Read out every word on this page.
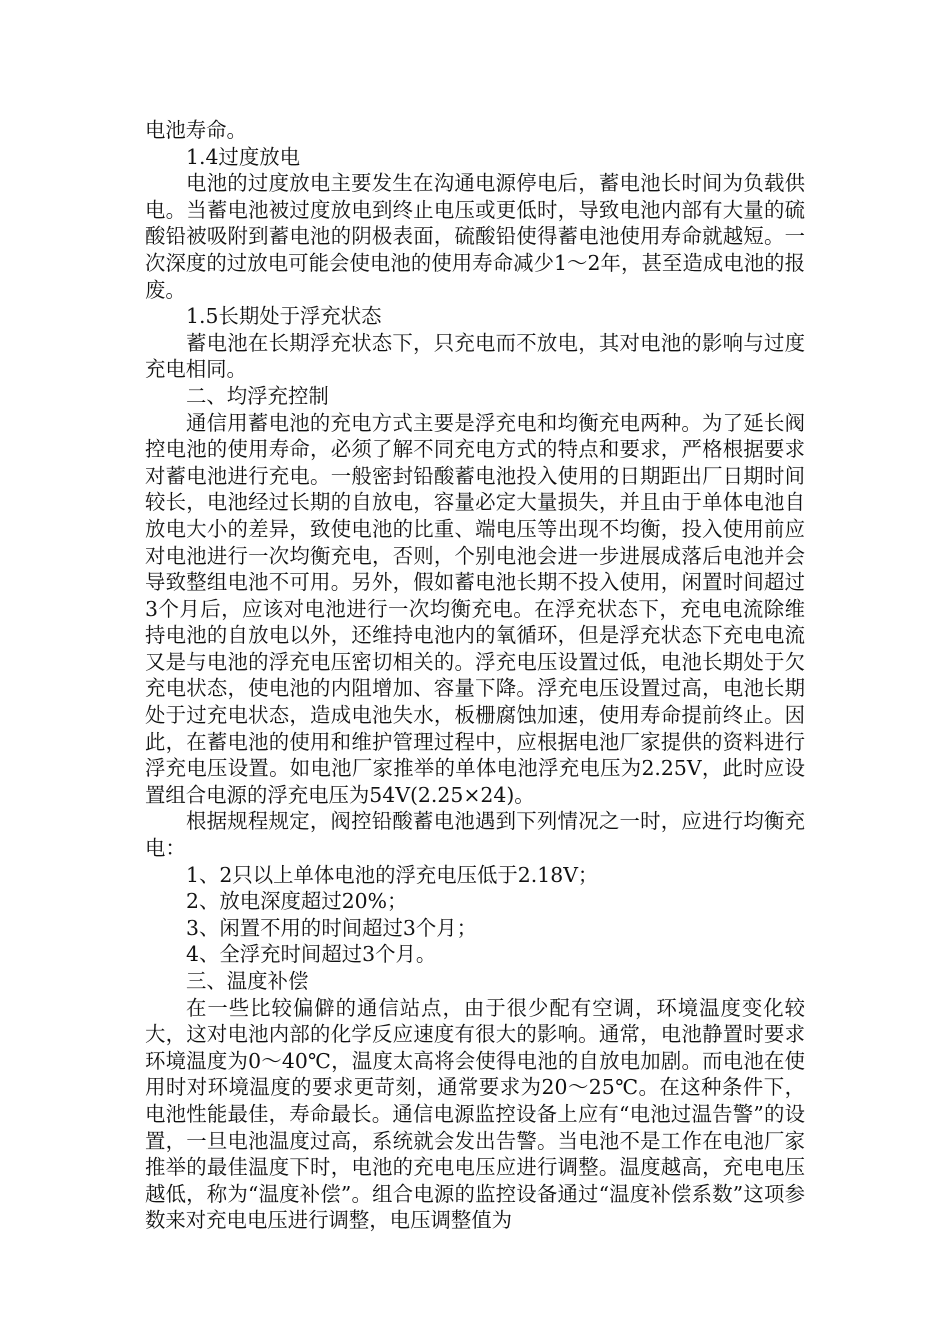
电池寿命。

1.4过度放电

电池的过度放电主要发生在沟通电源停电后，蓄电池长时间为负载供电。当蓄电池被过度放电到终止电压或更低时，导致电池内部有大量的硫酸铅被吸附到蓄电池的阴极表面，硫酸铅使得蓄电池使用寿命就越短。一次深度的过放电可能会使电池的使用寿命减少1～2年，甚至造成电池的报废。

1.5长期处于浮充状态

蓄电池在长期浮充状态下，只充电而不放电，其对电池的影响与过度充电相同。

二、均浮充控制

通信用蓄电池的充电方式主要是浮充电和均衡充电两种。为了延长阀控电池的使用寿命，必须了解不同充电方式的特点和要求，严格根据要求对蓄电池进行充电。一般密封铅酸蓄电池投入使用的日期距出厂日期时间较长，电池经过长期的自放电，容量必定大量损失，并且由于单体电池自放电大小的差异，致使电池的比重、端电压等出现不均衡，投入使用前应对电池进行一次均衡充电，否则，个别电池会进一步进展成落后电池并会导致整组电池不可用。另外，假如蓄电池长期不投入使用，闲置时间超过3个月后，应该对电池进行一次均衡充电。在浮充状态下，充电电流除维持电池的自放电以外，还维持电池内的氧循环，但是浮充状态下充电电流又是与电池的浮充电压密切相关的。浮充电压设置过低，电池长期处于欠充电状态，使电池的内阻增加、容量下降。浮充电压设置过高，电池长期处于过充电状态，造成电池失水，板栅腐蚀加速，使用寿命提前终止。因此，在蓄电池的使用和维护管理过程中，应根据电池厂家提供的资料进行浮充电压设置。如电池厂家推举的单体电池浮充电压为2.25V，此时应设置组合电源的浮充电压为54V(2.25×24)。

根据规程规定，阀控铅酸蓄电池遇到下列情况之一时，应进行均衡充电：

1、2只以上单体电池的浮充电压低于2.18V；

2、放电深度超过20%；

3、闲置不用的时间超过3个月；

4、全浮充时间超过3个月。

三、温度补偿

在一些比较偏僻的通信站点，由于很少配有空调，环境温度变化较大，这对电池内部的化学反应速度有很大的影响。通常，电池静置时要求环境温度为0～40℃，温度太高将会使得电池的自放电加剧。而电池在使用时对环境温度的要求更苛刻，通常要求为20～25℃。在这种条件下，电池性能最佳，寿命最长。通信电源监控设备上应有“电池过温告警”的设置，一旦电池温度过高，系统就会发出告警。当电池不是工作在电池厂家推举的最佳温度下时，电池的充电电压应进行调整。温度越高，充电电压越低，称为“温度补偿”。组合电源的监控设备通过“温度补偿系数”这项参数来对充电电压进行调整，电压调整值为
